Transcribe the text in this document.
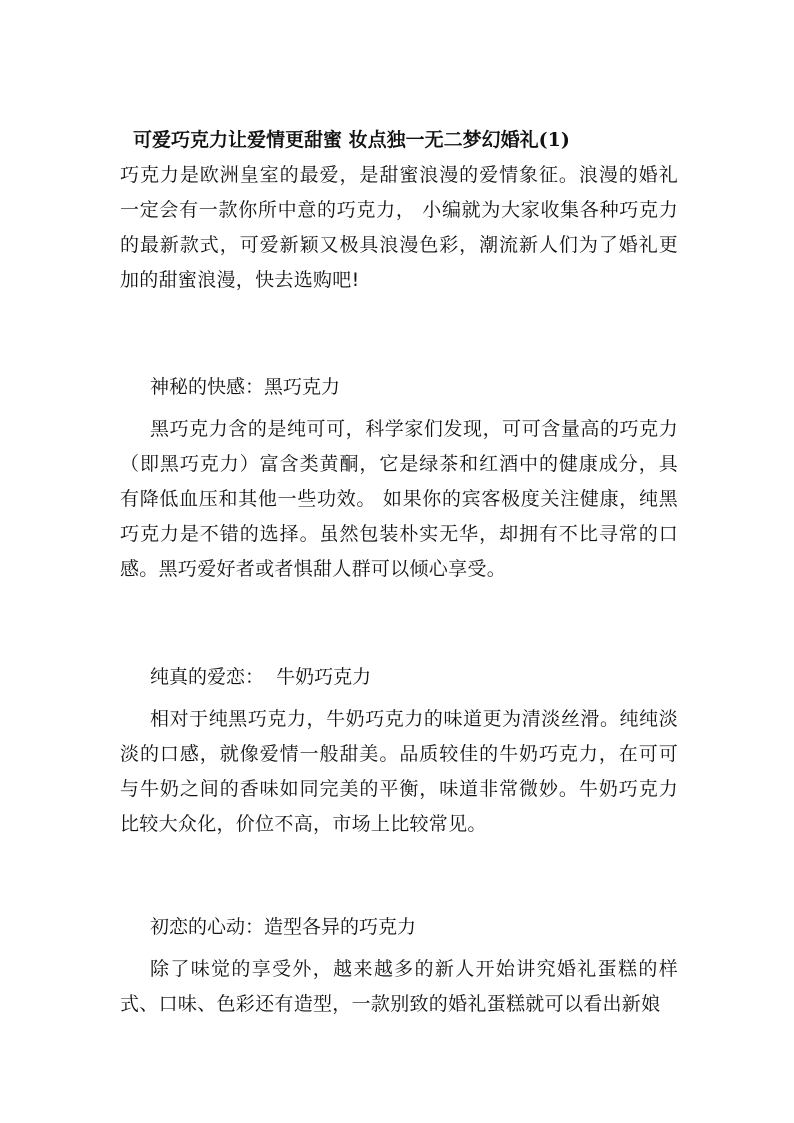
可爱巧克力让爱情更甜蜜 妆点独一无二梦幻婚礼(1)

巧克力是欧洲皇室的最爱，是甜蜜浪漫的爱情象征。浪漫的婚礼一定会有一款你所中意的巧克力， 小编就为大家收集各种巧克力的最新款式，可爱新颖又极具浪漫色彩，潮流新人们为了婚礼更加的甜蜜浪漫，快去选购吧!

神秘的快感：黑巧克力

黑巧克力含的是纯可可，科学家们发现，可可含量高的巧克力（即黑巧克力）富含类黄酮，它是绿茶和红酒中的健康成分，具有降低血压和其他一些功效。 如果你的宾客极度关注健康，纯黑巧克力是不错的选择。虽然包装朴实无华，却拥有不比寻常的口感。黑巧爱好者或者惧甜人群可以倾心享受。

纯真的爱恋：  牛奶巧克力

相对于纯黑巧克力，牛奶巧克力的味道更为清淡丝滑。纯纯淡淡的口感，就像爱情一般甜美。品质较佳的牛奶巧克力，在可可与牛奶之间的香味如同完美的平衡，味道非常微妙。牛奶巧克力比较大众化，价位不高，市场上比较常见。

初恋的心动：造型各异的巧克力

除了味觉的享受外，越来越多的新人开始讲究婚礼蛋糕的样式、口味、色彩还有造型，一款别致的婚礼蛋糕就可以看出新娘
